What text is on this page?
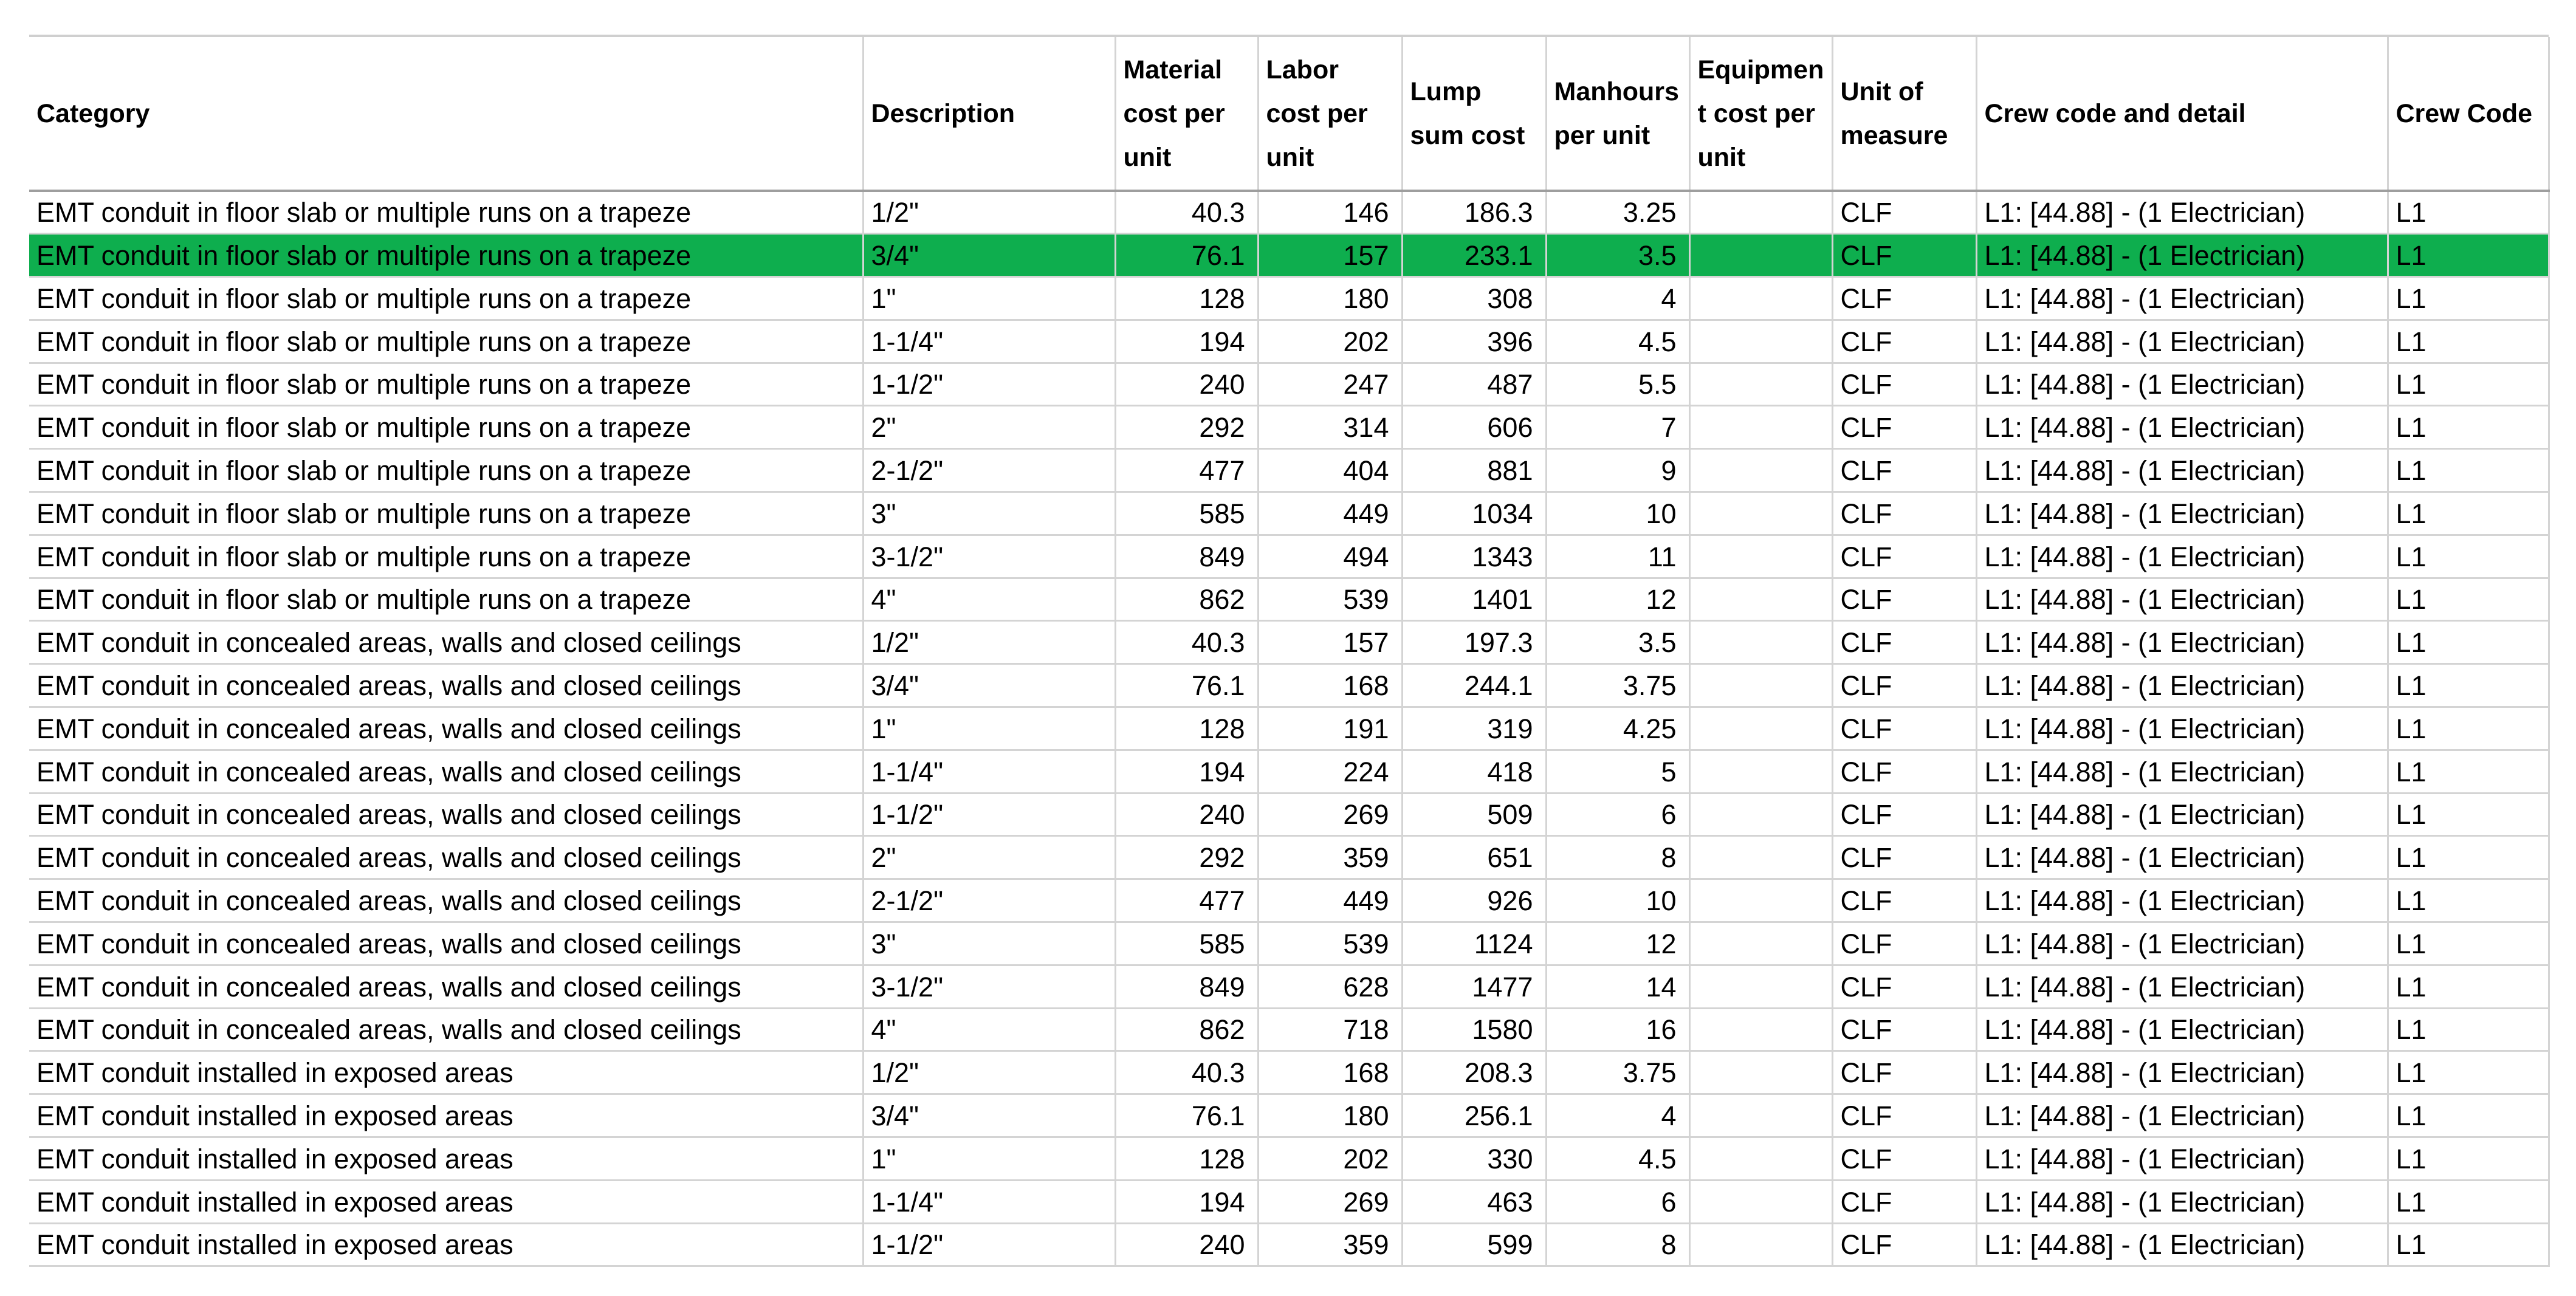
Category	Description	Material cost per unit	Labor cost per unit	Lump sum cost	Manhours per unit	Equipment cost per unit	Unit of measure	Crew code and detail	Crew Code
EMT conduit in floor slab or multiple runs on a trapeze	1/2"	40.3	146	186.3	3.25		CLF	L1: [44.88] - (1 Electrician)	L1
EMT conduit in floor slab or multiple runs on a trapeze	3/4"	76.1	157	233.1	3.5		CLF	L1: [44.88] - (1 Electrician)	L1
EMT conduit in floor slab or multiple runs on a trapeze	1"	128	180	308	4		CLF	L1: [44.88] - (1 Electrician)	L1
EMT conduit in floor slab or multiple runs on a trapeze	1-1/4"	194	202	396	4.5		CLF	L1: [44.88] - (1 Electrician)	L1
EMT conduit in floor slab or multiple runs on a trapeze	1-1/2"	240	247	487	5.5		CLF	L1: [44.88] - (1 Electrician)	L1
EMT conduit in floor slab or multiple runs on a trapeze	2"	292	314	606	7		CLF	L1: [44.88] - (1 Electrician)	L1
EMT conduit in floor slab or multiple runs on a trapeze	2-1/2"	477	404	881	9		CLF	L1: [44.88] - (1 Electrician)	L1
EMT conduit in floor slab or multiple runs on a trapeze	3"	585	449	1034	10		CLF	L1: [44.88] - (1 Electrician)	L1
EMT conduit in floor slab or multiple runs on a trapeze	3-1/2"	849	494	1343	11		CLF	L1: [44.88] - (1 Electrician)	L1
EMT conduit in floor slab or multiple runs on a trapeze	4"	862	539	1401	12		CLF	L1: [44.88] - (1 Electrician)	L1
EMT conduit in concealed areas, walls and closed ceilings	1/2"	40.3	157	197.3	3.5		CLF	L1: [44.88] - (1 Electrician)	L1
EMT conduit in concealed areas, walls and closed ceilings	3/4"	76.1	168	244.1	3.75		CLF	L1: [44.88] - (1 Electrician)	L1
EMT conduit in concealed areas, walls and closed ceilings	1"	128	191	319	4.25		CLF	L1: [44.88] - (1 Electrician)	L1
EMT conduit in concealed areas, walls and closed ceilings	1-1/4"	194	224	418	5		CLF	L1: [44.88] - (1 Electrician)	L1
EMT conduit in concealed areas, walls and closed ceilings	1-1/2"	240	269	509	6		CLF	L1: [44.88] - (1 Electrician)	L1
EMT conduit in concealed areas, walls and closed ceilings	2"	292	359	651	8		CLF	L1: [44.88] - (1 Electrician)	L1
EMT conduit in concealed areas, walls and closed ceilings	2-1/2"	477	449	926	10		CLF	L1: [44.88] - (1 Electrician)	L1
EMT conduit in concealed areas, walls and closed ceilings	3"	585	539	1124	12		CLF	L1: [44.88] - (1 Electrician)	L1
EMT conduit in concealed areas, walls and closed ceilings	3-1/2"	849	628	1477	14		CLF	L1: [44.88] - (1 Electrician)	L1
EMT conduit in concealed areas, walls and closed ceilings	4"	862	718	1580	16		CLF	L1: [44.88] - (1 Electrician)	L1
EMT conduit installed in exposed areas	1/2"	40.3	168	208.3	3.75		CLF	L1: [44.88] - (1 Electrician)	L1
EMT conduit installed in exposed areas	3/4"	76.1	180	256.1	4		CLF	L1: [44.88] - (1 Electrician)	L1
EMT conduit installed in exposed areas	1"	128	202	330	4.5		CLF	L1: [44.88] - (1 Electrician)	L1
EMT conduit installed in exposed areas	1-1/4"	194	269	463	6		CLF	L1: [44.88] - (1 Electrician)	L1
EMT conduit installed in exposed areas	1-1/2"	240	359	599	8		CLF	L1: [44.88] - (1 Electrician)	L1
